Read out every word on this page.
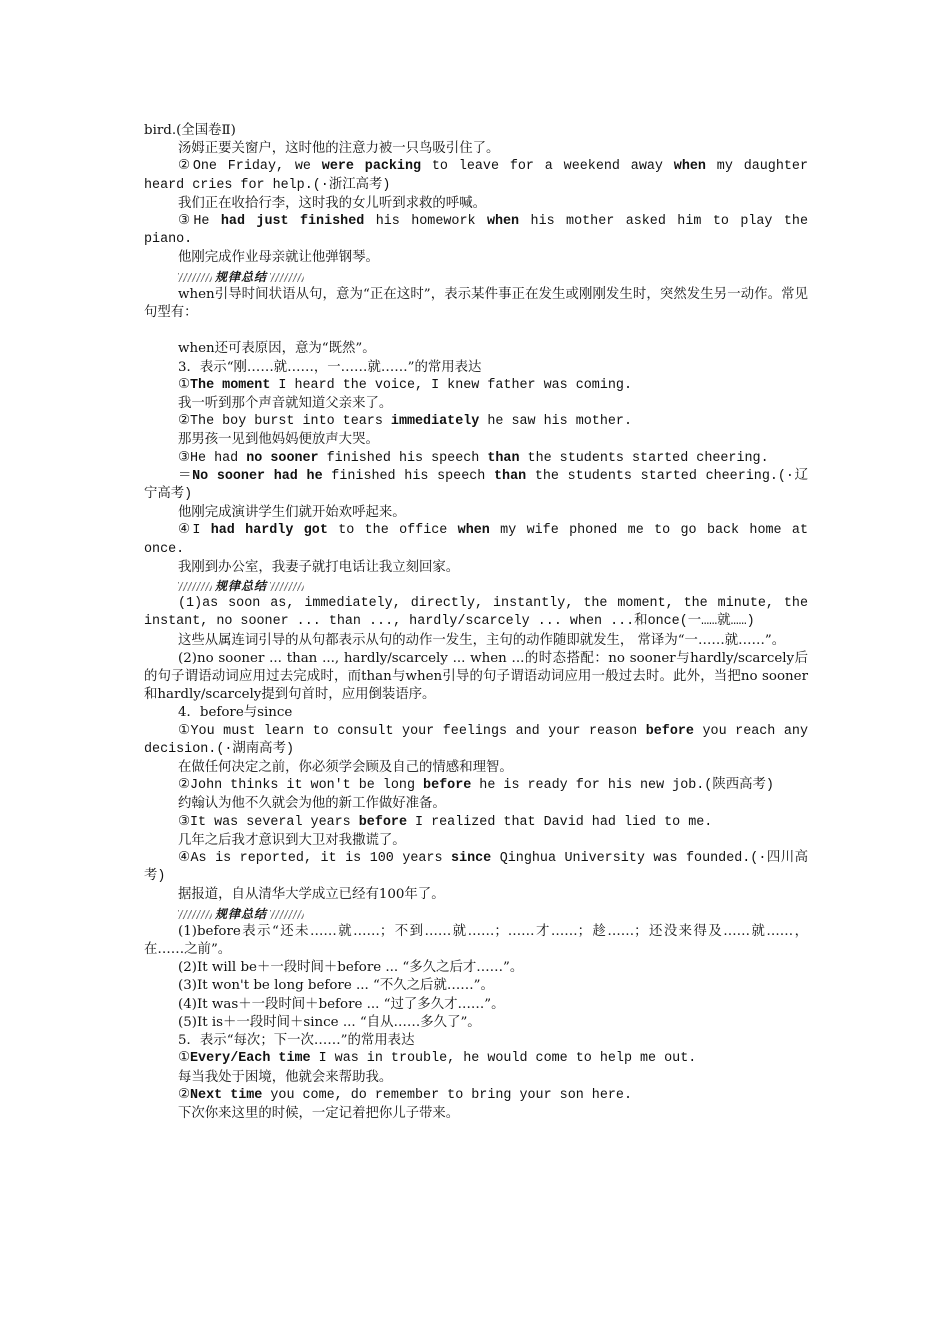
bird.(全国卷Ⅱ)

汤姆正要关窗户，这时他的注意力被一只鸟吸引住了。

②One Friday, we were packing to leave for a weekend away when my daughter heard cries for help.(·浙江高考)

我们正在收拾行李，这时我的女儿听到求救的呼喊。

③He had just finished his homework when his mother asked him to play the piano.

他刚完成作业母亲就让他弹钢琴。

规律总结

when引导时间状语从句，意为“正在这时”，表示某件事正在发生或刚刚发生时，突然发生另一动作。常见句型有：

when还可表原因，意为“既然”。

3．表示“刚……就……，一……就……”的常用表达

①The moment I heard the voice, I knew father was coming.

我一听到那个声音就知道父亲来了。

②The boy burst into tears immediately he saw his mother.

那男孩一见到他妈妈便放声大哭。

③He had no sooner finished his speech than the students started cheering.

＝No sooner had he finished his speech than the students started cheering.(·辽宁高考)

他刚完成演讲学生们就开始欢呼起来。

④I had hardly got to the office when my wife phoned me to go back home at once.

我刚到办公室，我妻子就打电话让我立刻回家。

规律总结

(1)as soon as, immediately, directly, instantly, the moment, the minute, the instant, no sooner ... than ..., hardly/scarcely ... when ...和once(一……就……)

这些从属连词引导的从句都表示从句的动作一发生，主句的动作随即就发生， 常译为“一……就……”。

(2)no sooner ... than ..., hardly/scarcely ... when ...的时态搭配：no sooner与hardly/scarcely后的句子谓语动词应用过去完成时，而than与when引导的句子谓语动词应用一般过去时。此外，当把no sooner和hardly/scarcely提到句首时，应用倒装语序。

4．before与since

①You must learn to consult your feelings and your reason before you reach any decision.(·湖南高考)

在做任何决定之前，你必须学会顾及自己的情感和理智。

②John thinks it won't be long before he is ready for his new job.(陕西高考)

约翰认为他不久就会为他的新工作做好准备。

③It was several years before I realized that David had lied to me.

几年之后我才意识到大卫对我撒谎了。

④As is reported, it is 100 years since Qinghua University was founded.(·四川高考)

据报道，自从清华大学成立已经有100年了。

规律总结

(1)before表示“还未……就……；不到……就……；……才……；趁……；还没来得及……就……，在……之前”。

(2)It will be＋一段时间＋before ... “多久之后才……”。

(3)It won't be long before ... “不久之后就……”。

(4)It was＋一段时间＋before ... “过了多久才……”。

(5)It is＋一段时间＋since ... “自从……多久了”。

5．表示“每次；下一次……”的常用表达

①Every/Each time I was in trouble, he would come to help me out.

每当我处于困境，他就会来帮助我。

②Next time you come, do remember to bring your son here.

下次你来这里的时候，一定记着把你儿子带来。
